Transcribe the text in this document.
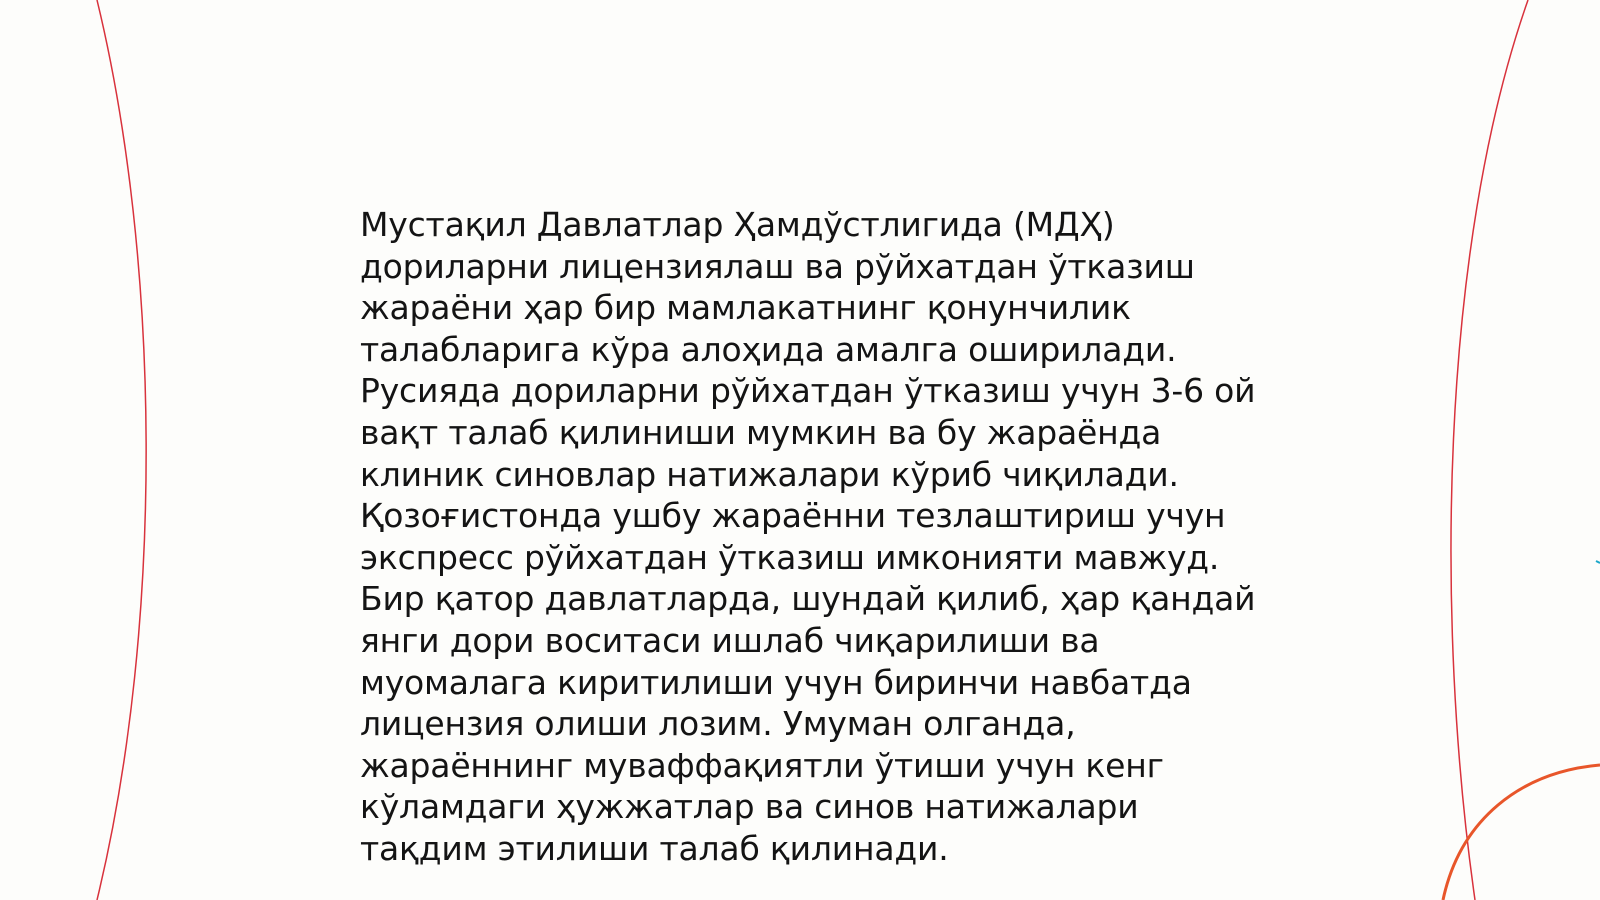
Мустақил Давлатлар Ҳамдўстлигида (МДҲ)
дориларни лицензиялаш ва рўйхатдан ўтказиш
жараёни ҳар бир мамлакатнинг қонунчилик
талабларига кўра алоҳида амалга оширилади.
Русияда дориларни рўйхатдан ўтказиш учун 3-6 ой
вақт талаб қилиниши мумкин ва бу жараёнда
клиник синовлар натижалари кўриб чиқилади.
Қозоғистонда ушбу жараённи тезлаштириш учун
экспресс рўйхатдан ўтказиш имконияти мавжуд.
Бир қатор давлатларда, шундай қилиб, ҳар қандай
янги дори воситаси ишлаб чиқарилиши ва
муомалага киритилиши учун биринчи навбатда
лицензия олиши лозим. Умуман олганда,
жараённинг муваффақиятли ўтиши учун кенг
кўламдаги ҳужжатлар ва синов натижалари
тақдим этилиши талаб қилинади.
